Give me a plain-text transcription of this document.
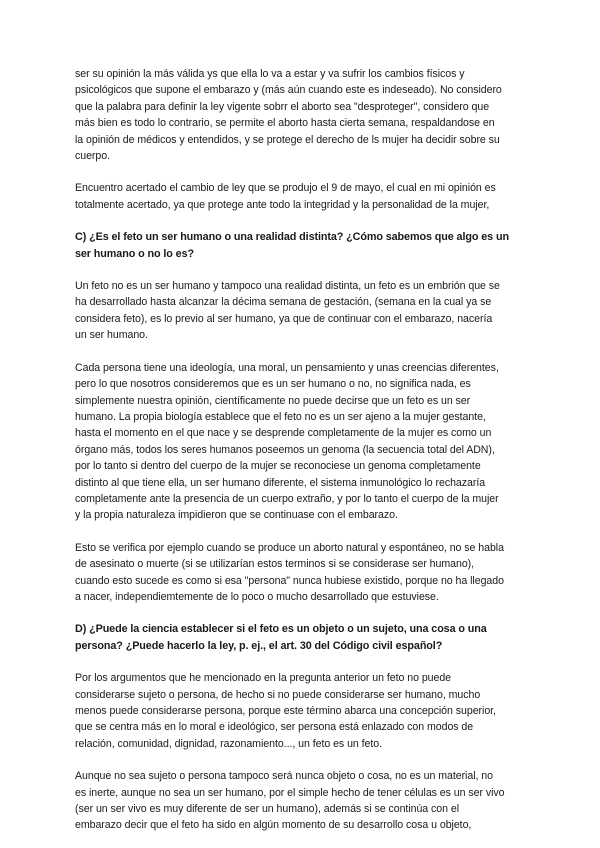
ser su opinión la más válida ys que ella lo va a estar y va sufrir los cambios físicos y
psicológicos que supone el embarazo y (más aún cuando este es indeseado). No considero
que la palabra para definir la ley vigente sobrr el aborto sea "desproteger", considero que
más bien es todo lo contrario, se permite el aborto hasta cierta semana, respaldandose en
la opinión de médicos y entendidos, y se protege el derecho de ls mujer ha decidir sobre su
cuerpo.

Encuentro acertado el cambio de ley que se produjo el 9 de mayo, el cual en mi opinión es
totalmente acertado, ya que protege ante todo la integridad y la personalidad de la mujer,

C) ¿Es el feto un ser humano o una realidad distinta? ¿Cómo sabemos que algo es un
ser humano o no lo es?

Un feto no es un ser humano y tampoco una realidad distinta, un feto es un embrión que se
ha desarrollado hasta alcanzar la décima semana de gestación, (semana en la cual ya se
considera feto), es lo previo al ser humano, ya que de continuar con el embarazo, nacería
un ser humano.

Cada persona tiene una ideología, una moral, un pensamiento y unas creencias diferentes,
pero lo que nosotros consideremos que es un ser humano o no, no significa nada, es
simplemente nuestra opinión, científicamente no puede decirse que un feto es un ser
humano. La propia biología establece que el feto no es un ser ajeno a la mujer gestante,
hasta el momento en el que nace y se desprende completamente de la mujer es como un
órgano más, todos los seres humanos poseemos un genoma (la secuencia total del ADN),
por lo tanto si dentro del cuerpo de la mujer se reconociese un genoma completamente
distinto al que tiene ella, un ser humano diferente, el sistema inmunológico lo rechazaría
completamente ante la presencia de un cuerpo extraño, y por lo tanto el cuerpo de la mujer
y la propia naturaleza impidieron que se continuase con el embarazo.

Esto se verifica por ejemplo cuando se produce un aborto natural y espontáneo, no se habla
de asesinato o muerte (si se utilizarían estos terminos si se considerase ser humano),
cuando esto sucede es como si esa "persona" nunca hubiese existido, porque no ha llegado
a nacer, independiemtemente de lo poco o mucho desarrollado que estuviese.

D) ¿Puede la ciencia establecer si el feto es un objeto o un sujeto, una cosa o una
persona? ¿Puede hacerlo la ley, p. ej., el art. 30 del Código civil español?

Por los argumentos que he mencionado en la pregunta anterior un feto no puede
considerarse sujeto o persona, de hecho si no puede considerarse ser humano, mucho
menos puede considerarse persona, porque este término abarca una concepción superior,
que se centra más en lo moral e ideológico, ser persona está enlazado con modos de
relación, comunidad, dignidad, razonamiento..., un feto es un feto.

Aunque no sea sujeto o persona tampoco será nunca objeto o cosa, no es un material, no
es inerte, aunque no sea un ser humano, por el simple hecho de tener células es un ser vivo
(ser un ser vivo es muy diferente de ser un humano), además si se continúa con el
embarazo decir que el feto ha sido en algún momento de su desarrollo cosa u objeto,
